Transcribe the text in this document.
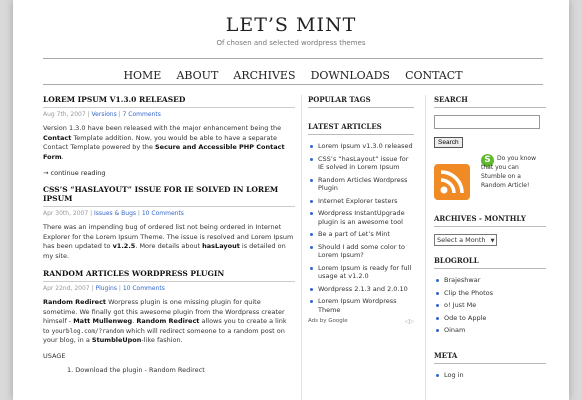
LET’S MINT
Of chosen and selected wordpress themes
HOME ABOUT ARCHIVES DOWNLOADS CONTACT
LOREM IPSUM V1.3.0 RELEASED
Aug 7th, 2007 | Versions | 7 Comments
Version 1.3.0 have been released with the major enhancement being the Contact Template addition. Now, you would be able to have a separate Contact Template powered by the Secure and Accessible PHP Contact Form.
→ continue reading
CSS’S “HASLAYOUT” ISSUE FOR IE SOLVED IN LOREM IPSUM
Apr 30th, 2007 | Issues & Bugs | 10 Comments
There was an impending bug of ordered list not being ordered in Internet Explorer for the Lorem Ipsum Theme. The issue is resolved and Lorem Ipsum has been updated to v1.2.5. More details about hasLayout is detailed on my site.
RANDOM ARTICLES WORDPRESS PLUGIN
Apr 22nd, 2007 | Plugins | 10 Comments
Random Redirect Worpress plugin is one missing plugin for quite sometime. We finally got this awesome plugin from the Wordpress creater himself - Matt Mullenweg. Random Redirect allows you to create a link to yourblog.com/?random which will redirect someone to a random post on your blog, in a StumbleUpon-like fashion.
USAGE
1. Download the plugin - Random Redirect
POPULAR TAGS
LATEST ARTICLES
Lorem Ipsum v1.3.0 released
CSS’s “hasLayout” issue for IE solved in Lorem Ipsum
Random Articles Wordpress Plugin
Internet Explorer testers
Wordpress InstantUpgrade plugin is an awesome tool
Be a part of Let’s Mint
Should I add some color to Lorem Ipsum?
Lorem Ipsum is ready for full usage at v1.2.0
Wordpress 2.1.3 and 2.0.10
Lorem Ipsum Wordpress Theme
Ads by Google	◁▷
SEARCH
Search
S	Do you know that you can Stumble on a Random Article!
ARCHIVES - MONTHLY
Select a Month ▼
BLOGROLL
Brajeshwar
Clip the Photos
o! Just Me
Ode to Apple
Oinam
META
Log in
